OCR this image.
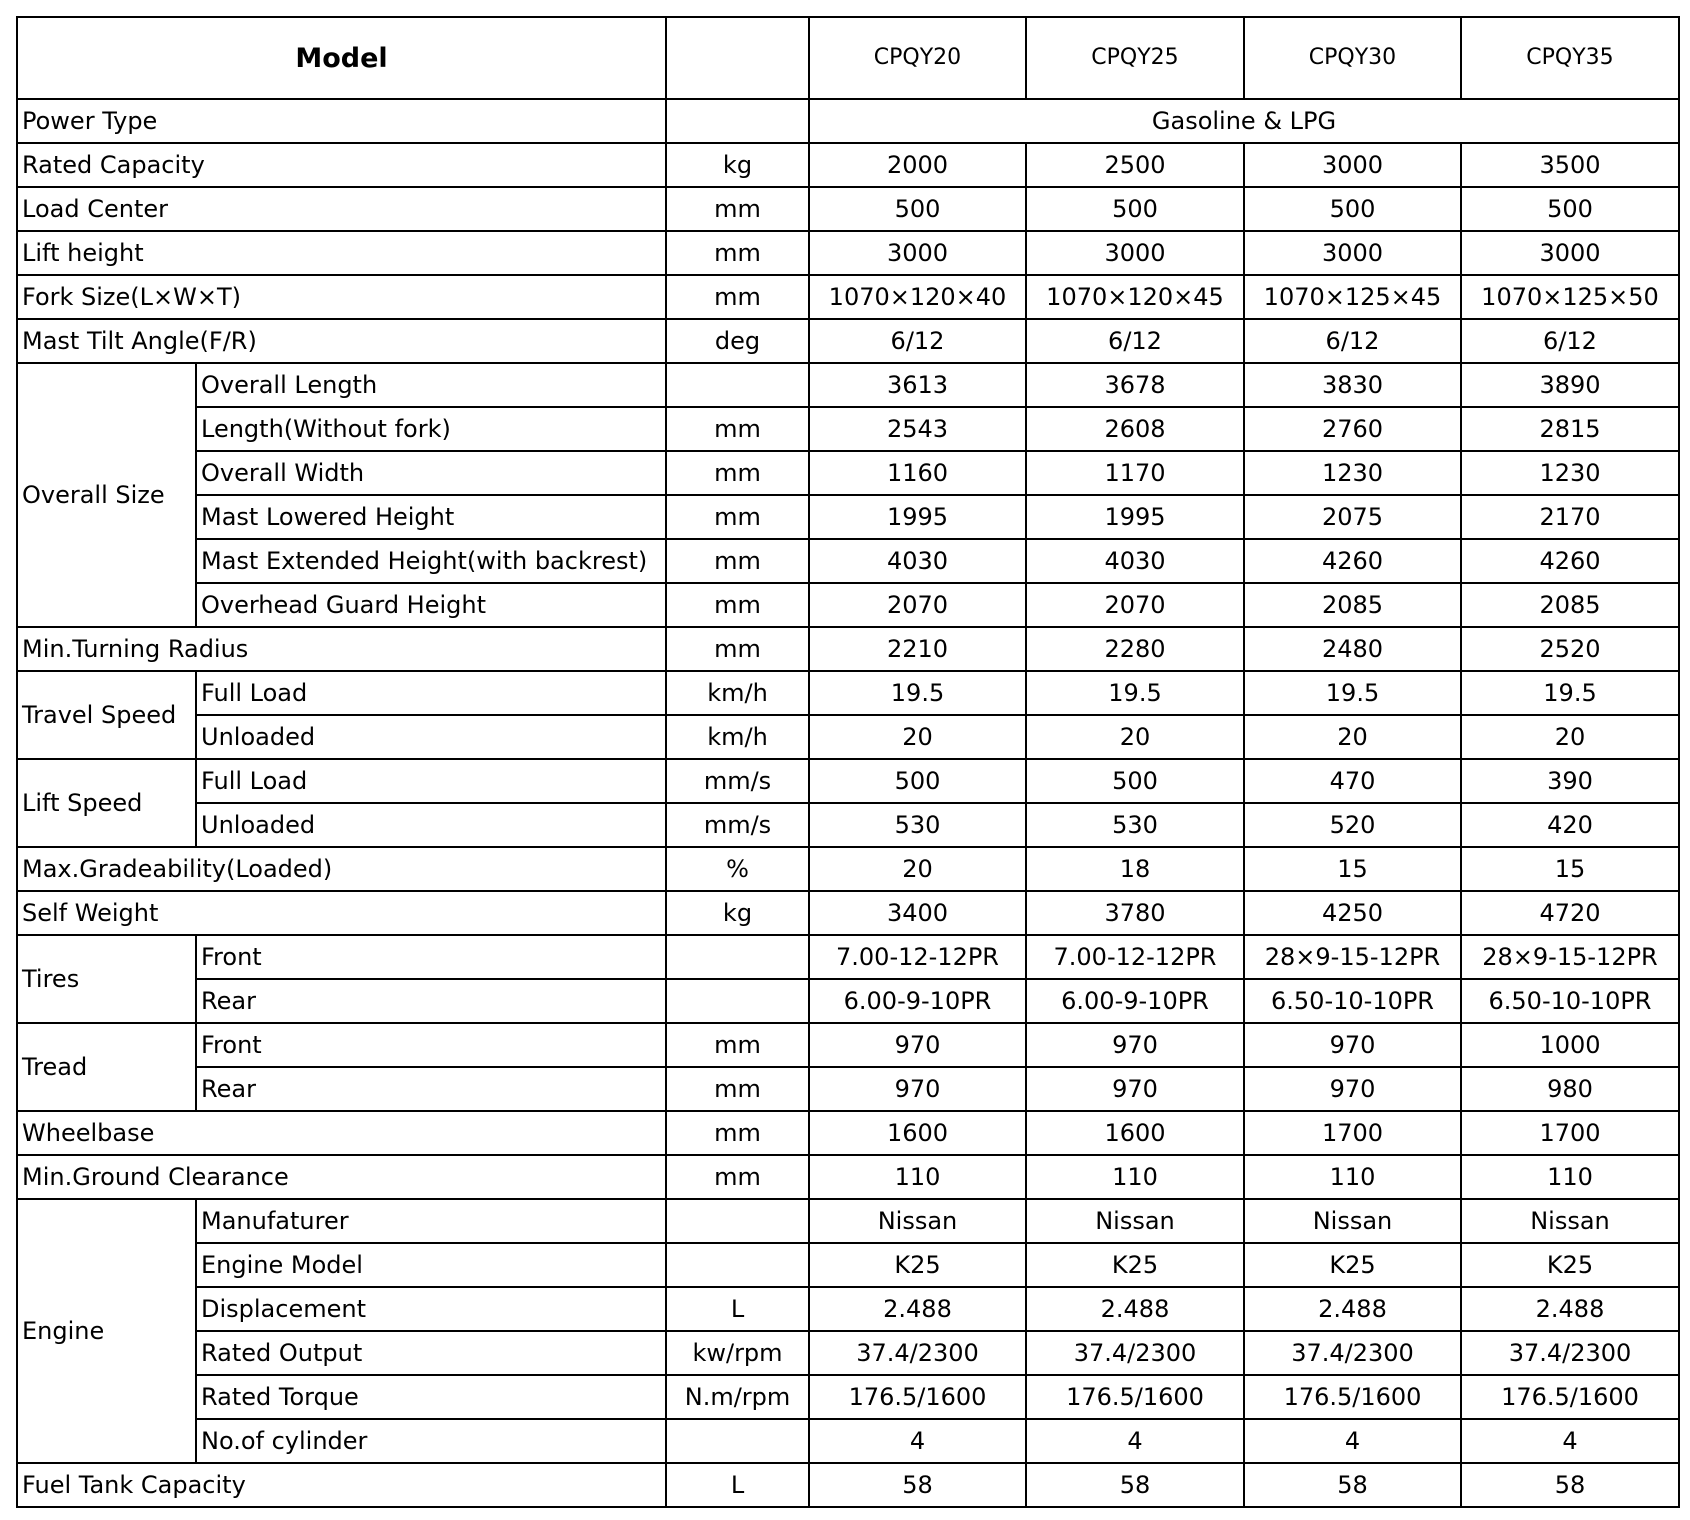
Model			CPQY20	CPQY25	CPQY30	CPQY35
Power Type			Gasoline & LPG			
Rated Capacity		kg	2000	2500	3000	3500
Load Center		mm	500	500	500	500
Lift height		mm	3000	3000	3000	3000
Fork Size(L×W×T)		mm	1070×120×40	1070×120×45	1070×125×45	1070×125×50
Mast Tilt Angle(F/R)		deg	6/12	6/12	6/12	6/12
Overall Size	Overall Length		3613	3678	3830	3890
	Length(Without fork)	mm	2543	2608	2760	2815
	Overall Width	mm	1160	1170	1230	1230
	Mast Lowered Height	mm	1995	1995	2075	2170
	Mast Extended Height(with backrest)	mm	4030	4030	4260	4260
	Overhead Guard Height	mm	2070	2070	2085	2085
Min.Turning Radius		mm	2210	2280	2480	2520
Travel Speed	Full Load	km/h	19.5	19.5	19.5	19.5
	Unloaded	km/h	20	20	20	20
Lift Speed	Full Load	mm/s	500	500	470	390
	Unloaded	mm/s	530	530	520	420
Max.Gradeability(Loaded)		%	20	18	15	15
Self Weight		kg	3400	3780	4250	4720
Tires	Front		7.00-12-12PR	7.00-12-12PR	28×9-15-12PR	28×9-15-12PR
	Rear		6.00-9-10PR	6.00-9-10PR	6.50-10-10PR	6.50-10-10PR
Tread	Front	mm	970	970	970	1000
	Rear	mm	970	970	970	980
Wheelbase		mm	1600	1600	1700	1700
Min.Ground Clearance		mm	110	110	110	110
Engine	Manufaturer		Nissan	Nissan	Nissan	Nissan
	Engine Model		K25	K25	K25	K25
	Displacement	L	2.488	2.488	2.488	2.488
	Rated Output	kw/rpm	37.4/2300	37.4/2300	37.4/2300	37.4/2300
	Rated Torque	N.m/rpm	176.5/1600	176.5/1600	176.5/1600	176.5/1600
	No.of cylinder		4	4	4	4
Fuel Tank Capacity		L	58	58	58	58
